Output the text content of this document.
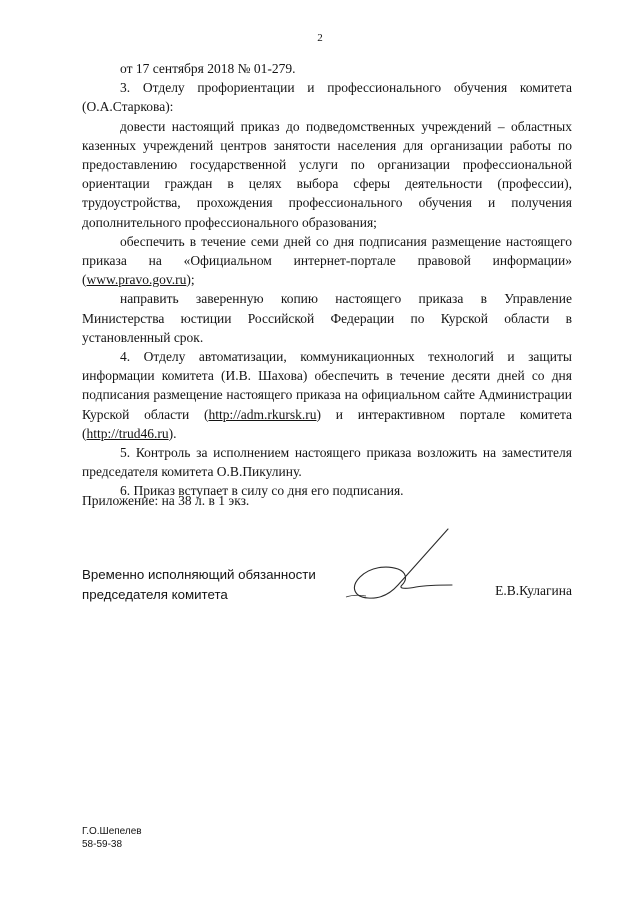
2

от 17 сентября 2018 № 01-279.

3. Отделу профориентации и профессионального обучения комитета (О.А.Старкова):

довести настоящий приказ до подведомственных учреждений – областных казенных учреждений центров занятости населения для организации работы по предоставлению государственной услуги по организации профессиональной ориентации граждан в целях выбора сферы деятельности (профессии), трудоустройства, прохождения профессионального обучения и получения дополнительного профессионального образования;

обеспечить в течение семи дней со дня подписания размещение настоящего приказа на «Официальном интернет-портале правовой информации» (www.pravo.gov.ru);

направить заверенную копию настоящего приказа в Управление Министерства юстиции Российской Федерации по Курской области в установленный срок.

4. Отделу автоматизации, коммуникационных технологий и защиты информации комитета (И.В. Шахова) обеспечить в течение десяти дней со дня подписания размещение настоящего приказа на официальном сайте Администрации Курской области (http://adm.rkursk.ru) и интерактивном портале комитета (http://trud46.ru).

5. Контроль за исполнением настоящего приказа возложить на заместителя председателя комитета О.В.Пикулину.

6. Приказ вступает в силу со дня его подписания.

Приложение: на 38 л. в 1 экз.
Временно исполняющий обязанности
председателя комитета	Е.В.Кулагина
Г.О.Шепелев
58-59-38
